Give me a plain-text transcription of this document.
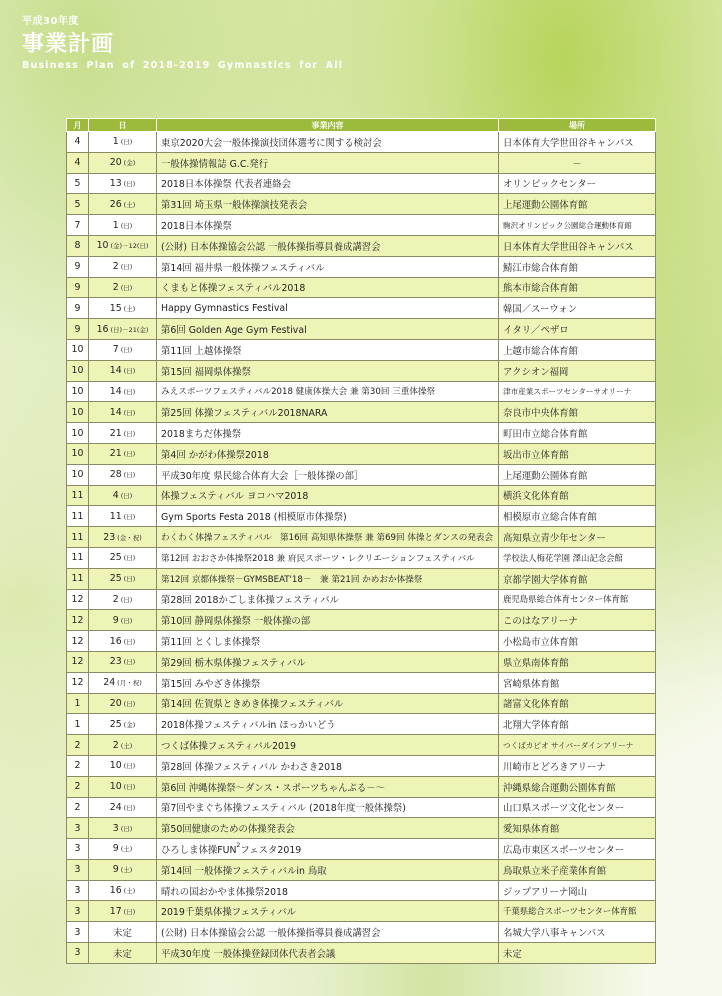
平成30年度
事業計画
Business Plan of 2018-2019 Gymnastics for All
月	日	事業内容	場所
4	1 (日)	東京2020大会一般体操演技団体選考に関する検討会	日本体育大学世田谷キャンパス
4	20 (金)	一般体操情報誌 G.C.発行	－
5	13 (日)	2018日本体操祭 代表者連絡会	オリンピックセンター
5	26 (土)	第31回 埼玉県一般体操演技発表会	上尾運動公園体育館
7	1 (日)	2018日本体操祭	駒沢オリンピック公園総合運動体育館
8	10 (金)－12(日)	(公財) 日本体操協会公認 一般体操指導員養成講習会	日本体育大学世田谷キャンパス
9	2 (日)	第14回 福井県一般体操フェスティバル	鯖江市総合体育館
9	2 (日)	くまもと体操フェスティバル2018	熊本市総合体育館
9	15 (土)	Happy Gymnastics Festival	韓国／スーウォン
9	16 (日)－21(金)	第6回 Golden Age Gym Festival	イタリ／ペザロ
10	7 (日)	第11回 上越体操祭	上越市総合体育館
10	14 (日)	第15回 福岡県体操祭	アクシオン福岡
10	14 (日)	みえスポーツフェスティバル2018 健康体操大会 兼 第30回 三重体操祭	津市産業スポーツセンターサオリーナ
10	14 (日)	第25回 体操フェスティバル2018NARA	奈良市中央体育館
10	21 (日)	2018まちだ体操祭	町田市立総合体育館
10	21 (日)	第4回 かがわ体操祭2018	坂出市立体育館
10	28 (日)	平成30年度 県民総合体育大会［一般体操の部］	上尾運動公園体育館
11	4 (日)	体操フェスティバル ヨコハマ2018	横浜文化体育館
11	11 (日)	Gym Sports Festa 2018 (相模原市体操祭)	相模原市立総合体育館
11	23 (金・祝)	わくわく体操フェスティバル　第16回 高知県体操祭 兼 第69回 体操とダンスの発表会	高知県立青少年センター
11	25 (日)	第12回 おおさか体操祭2018 兼 府民スポーツ・レクリエーションフェスティバル	学校法人梅花学園 澤山記念会館
11	25 (日)	第12回 京都体操祭－GYMSBEAT'18－　兼 第21回 かめおか体操祭	京都学園大学体育館
12	2 (日)	第28回 2018かごしま体操フェスティバル	鹿児島県総合体育センター体育館
12	9 (日)	第10回 静岡県体操祭 一般体操の部	このはなアリーナ
12	16 (日)	第11回 とくしま体操祭	小松島市立体育館
12	23 (日)	第29回 栃木県体操フェスティバル	県立県南体育館
12	24 (月・祝)	第15回 みやざき体操祭	宮崎県体育館
1	20 (日)	第14回 佐賀県ときめき体操フェスティバル	諸富文化体育館
1	25 (金)	2018体操フェスティバルin ほっかいどう	北翔大学体育館
2	2 (土)	つくば体操フェスティバル2019	つくばカピオ サイバーダインアリーナ
2	10 (日)	第28回 体操フェスティバル かわさき2018	川崎市とどろきアリーナ
2	10 (日)	第6回 沖縄体操祭～ダンス・スポーツちゃんぷる－～	沖縄県総合運動公園体育館
2	24 (日)	第7回やまぐち体操フェスティバル (2018年度一般体操祭)	山口県スポーツ文化センター
3	3 (日)	第50回健康のための体操発表会	愛知県体育館
3	9 (土)	ひろしま体操FUN$^2$フェスタ2019	広島市東区スポーツセンター
3	9 (土)	第14回 一般体操フェスティバルin 鳥取	鳥取県立米子産業体育館
3	16 (土)	晴れの国おかやま体操祭2018	ジップアリーナ岡山
3	17 (日)	2019千葉県体操フェスティバル	千葉県総合スポーツセンター体育館
3	未定	(公財) 日本体操協会公認 一般体操指導員養成講習会	名城大学八事キャンパス
3	未定	平成30年度 一般体操登録団体代表者会議	未定
